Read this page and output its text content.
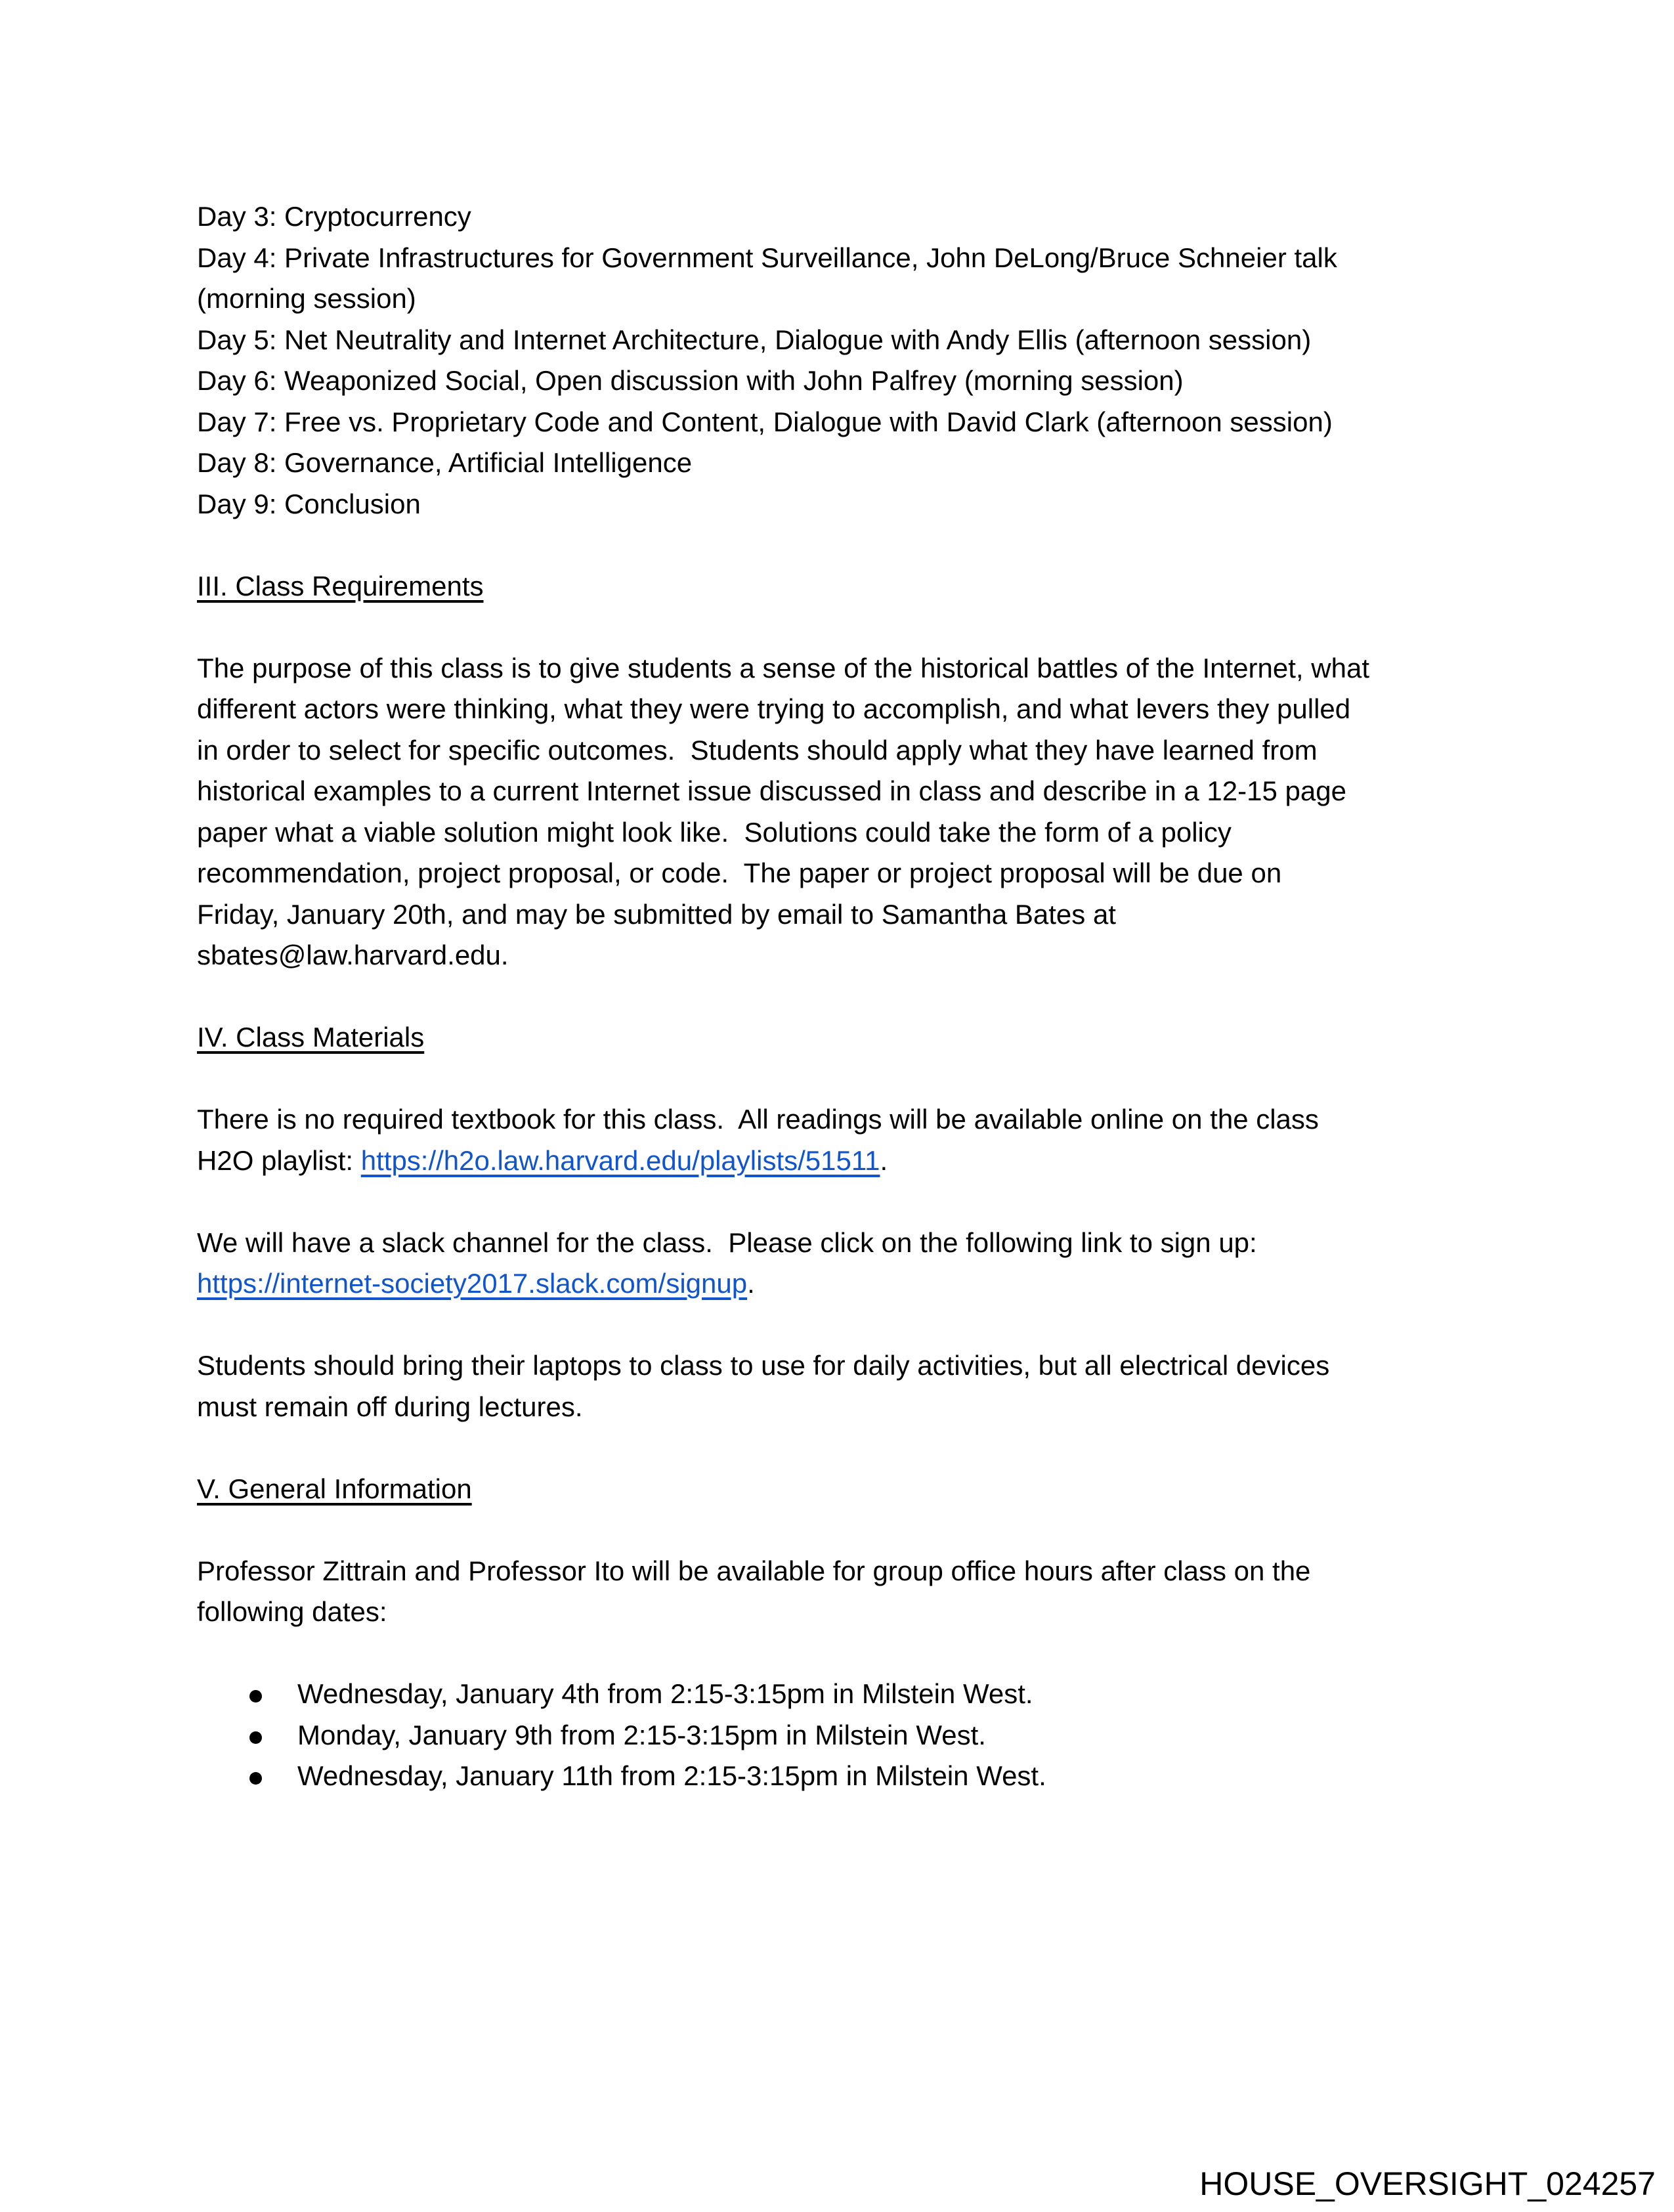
Day 3: Cryptocurrency
Day 4: Private Infrastructures for Government Surveillance, John DeLong/Bruce Schneier talk
(morning session)
Day 5: Net Neutrality and Internet Architecture, Dialogue with Andy Ellis (afternoon session)
Day 6: Weaponized Social, Open discussion with John Palfrey (morning session)
Day 7: Free vs. Proprietary Code and Content, Dialogue with David Clark (afternoon session)
Day 8: Governance, Artificial Intelligence
Day 9: Conclusion
III. Class Requirements
The purpose of this class is to give students a sense of the historical battles of the Internet, what
different actors were thinking, what they were trying to accomplish, and what levers they pulled
in order to select for specific outcomes.  Students should apply what they have learned from
historical examples to a current Internet issue discussed in class and describe in a 12-15 page
paper what a viable solution might look like.  Solutions could take the form of a policy
recommendation, project proposal, or code.  The paper or project proposal will be due on
Friday, January 20th, and may be submitted by email to Samantha Bates at
sbates@law.harvard.edu.
IV. Class Materials
There is no required textbook for this class.  All readings will be available online on the class
H2O playlist: https://h2o.law.harvard.edu/playlists/51511.
We will have a slack channel for the class.  Please click on the following link to sign up:
https://internet-society2017.slack.com/signup.
Students should bring their laptops to class to use for daily activities, but all electrical devices
must remain off during lectures.
V. General Information
Professor Zittrain and Professor Ito will be available for group office hours after class on the
following dates:
Wednesday, January 4th from 2:15-3:15pm in Milstein West.
Monday, January 9th from 2:15-3:15pm in Milstein West.
Wednesday, January 11th from 2:15-3:15pm in Milstein West.
HOUSE_OVERSIGHT_024257
